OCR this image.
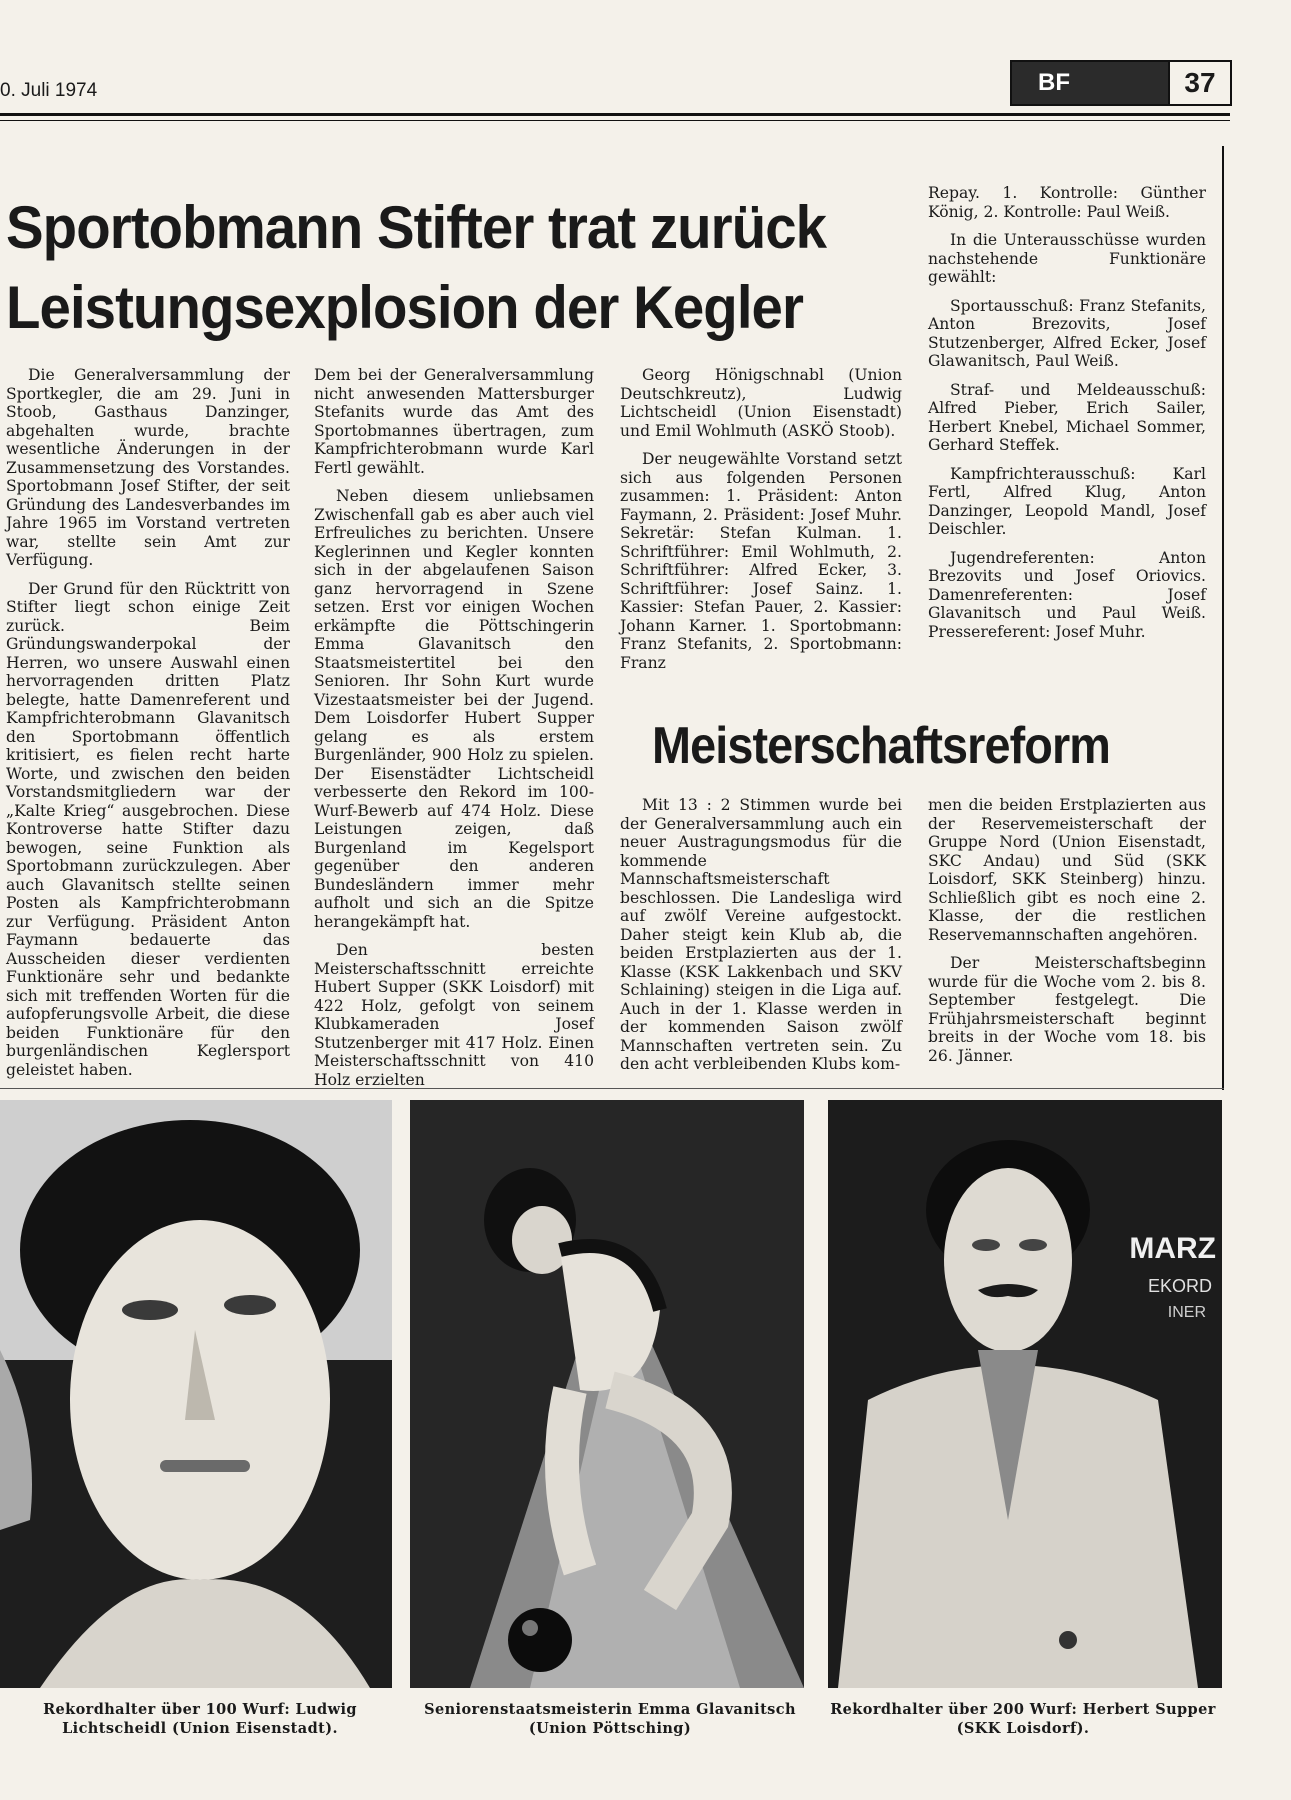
0. Juli 1974	BF	37
Sportobmann Stifter trat zurück
Leistungsexplosion der Kegler

Die Generalversammlung der Sportkegler, die am 29. Juni in Stoob, Gasthaus Danzinger, abgehalten wurde, brachte wesentliche Änderungen in der Zusammensetzung des Vorstandes. Sportobmann Josef Stifter, der seit Gründung des Landesverbandes im Jahre 1965 im Vorstand vertreten war, stellte sein Amt zur Verfügung.

Der Grund für den Rücktritt von Stifter liegt schon einige Zeit zurück. Beim Gründungswanderpokal der Herren, wo unsere Auswahl einen hervorragenden dritten Platz belegte, hatte Damenreferent und Kampfrichterobmann Glavanitsch den Sportobmann öffentlich kritisiert, es fielen recht harte Worte, und zwischen den beiden Vorstandsmitgliedern war der „Kalte Krieg“ ausgebrochen. Diese Kontroverse hatte Stifter dazu bewogen, seine Funktion als Sportobmann zurückzulegen. Aber auch Glavanitsch stellte seinen Posten als Kampfrichterobmann zur Verfügung. Präsident Anton Faymann bedauerte das Ausscheiden dieser verdienten Funktionäre sehr und bedankte sich mit treffenden Worten für die aufopferungsvolle Arbeit, die diese beiden Funktionäre für den burgenländischen Keglersport geleistet haben.

Dem bei der Generalversammlung nicht anwesenden Mattersburger Stefanits wurde das Amt des Sportobmannes übertragen, zum Kampfrichterobmann wurde Karl Fertl gewählt.

Neben diesem unliebsamen Zwischenfall gab es aber auch viel Erfreuliches zu berichten. Unsere Keglerinnen und Kegler konnten sich in der abgelaufenen Saison ganz hervorragend in Szene setzen. Erst vor einigen Wochen erkämpfte die Pöttschingerin Emma Glavanitsch den Staatsmeistertitel bei den Senioren. Ihr Sohn Kurt wurde Vizestaatsmeister bei der Jugend. Dem Loisdorfer Hubert Supper gelang es als erstem Burgenländer, 900 Holz zu spielen. Der Eisenstädter Lichtscheidl verbesserte den Rekord im 100-Wurf-Bewerb auf 474 Holz. Diese Leistungen zeigen, daß Burgenland im Kegelsport gegenüber den anderen Bundesländern immer mehr aufholt und sich an die Spitze herangekämpft hat.

Den besten Meisterschaftsschnitt erreichte Hubert Supper (SKK Loisdorf) mit 422 Holz, gefolgt von seinem Klubkameraden Josef Stutzenberger mit 417 Holz. Einen Meisterschaftsschnitt von 410 Holz erzielten

Georg Hönigschnabl (Union Deutschkreutz), Ludwig Lichtscheidl (Union Eisenstadt) und Emil Wohlmuth (ASKÖ Stoob).

Der neugewählte Vorstand setzt sich aus folgenden Personen zusammen: 1. Präsident: Anton Faymann, 2. Präsident: Josef Muhr. Sekretär: Stefan Kulman. 1. Schriftführer: Emil Wohlmuth, 2. Schriftführer: Alfred Ecker, 3. Schriftführer: Josef Sainz. 1. Kassier: Stefan Pauer, 2. Kassier: Johann Karner. 1. Sportobmann: Franz Stefanits, 2. Sportobmann: Franz

Repay. 1. Kontrolle: Günther König, 2. Kontrolle: Paul Weiß.

In die Unterausschüsse wurden nachstehende Funktionäre gewählt:

Sportausschuß: Franz Stefanits, Anton Brezovits, Josef Stutzenberger, Alfred Ecker, Josef Glawanitsch, Paul Weiß.

Straf- und Meldeausschuß: Alfred Pieber, Erich Sailer, Herbert Knebel, Michael Sommer, Gerhard Steffek.

Kampfrichterausschuß: Karl Fertl, Alfred Klug, Anton Danzinger, Leopold Mandl, Josef Deischler.

Jugendreferenten: Anton Brezovits und Josef Oriovics. Damenreferenten: Josef Glavanitsch und Paul Weiß. Pressereferent: Josef Muhr.

Meisterschaftsreform

Mit 13 : 2 Stimmen wurde bei der Generalversammlung auch ein neuer Austragungsmodus für die kommende Mannschaftsmeisterschaft beschlossen. Die Landesliga wird auf zwölf Vereine aufgestockt. Daher steigt kein Klub ab, die beiden Erstplazierten aus der 1. Klasse (KSK Lakkenbach und SKV Schlaining) steigen in die Liga auf. Auch in der 1. Klasse werden in der kommenden Saison zwölf Mannschaften vertreten sein. Zu den acht verbleibenden Klubs kom-

men die beiden Erstplazierten aus der Reservemeisterschaft der Gruppe Nord (Union Eisenstadt, SKC Andau) und Süd (SKK Loisdorf, SKK Steinberg) hinzu. Schließlich gibt es noch eine 2. Klasse, der die restlichen Reservemannschaften angehören.

Der Meisterschaftsbeginn wurde für die Woche vom 2. bis 8. September festgelegt. Die Frühjahrsmeisterschaft beginnt breits in der Woche vom 18. bis 26. Jänner.

MARZ
EKORD
INER
Rekordhalter über 100 Wurf: Ludwig Lichtscheidl (Union Eisenstadt).
Seniorenstaatsmeisterin Emma Glavanitsch (Union Pöttsching)
Rekordhalter über 200 Wurf: Herbert Supper (SKK Loisdorf).
